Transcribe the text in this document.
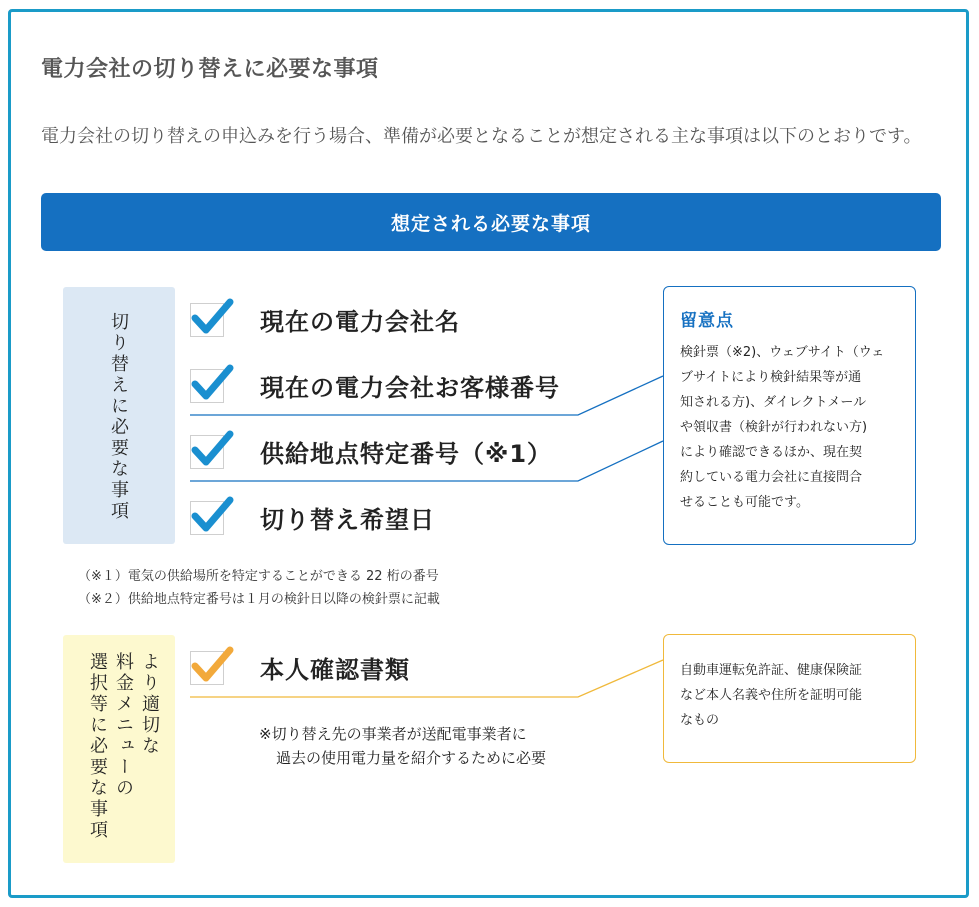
電力会社の切り替えに必要な事項
電力会社の切り替えの申込みを行う場合、準備が必要となることが想定される主な事項は以下のとおりです。
想定される必要な事項
切り替えに必要な事項	現在の電力会社名
現在の電力会社お客様番号
供給地点特定番号（※1）
切り替え希望日
（※１）電気の供給場所を特定することができる 22 桁の番号
（※２）供給地点特定番号は１月の検針日以降の検針票に記載
留意点
検針票（※2)、ウェブサイト（ウェ
ブサイトにより検針結果等が通
知される方)、ダイレクトメール
や領収書（検針が行われない方)
により確認できるほか、現在契
約している電力会社に直接問合
せることも可能です。
より適切な
料金メニューの
選択等に必要な事項	本人確認書類
※切り替え先の事業者が送配電事業者に
過去の使用電力量を紹介するために必要
自動車運転免許証、健康保険証
など本人名義や住所を証明可能
なもの
